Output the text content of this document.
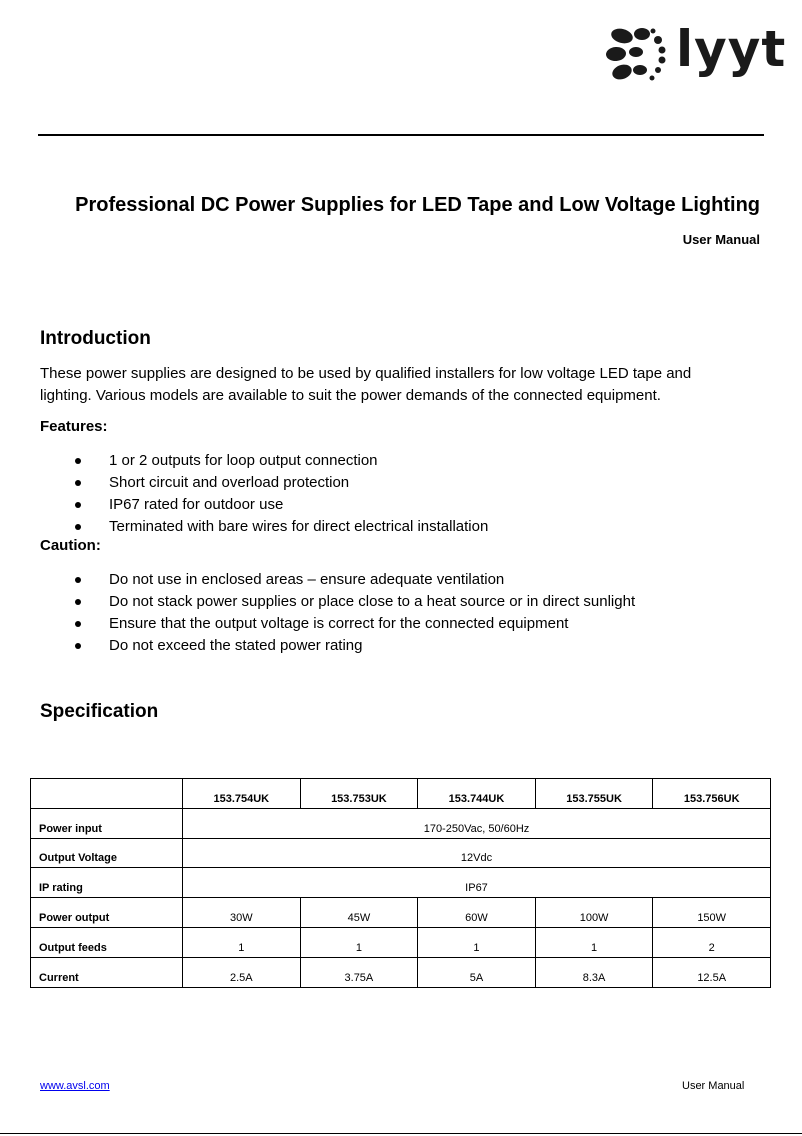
lyyt
Professional DC Power Supplies for LED Tape and Low Voltage Lighting
User Manual
Introduction
These power supplies are designed to be used by qualified installers for low voltage LED tape and
lighting. Various models are available to suit the power demands of the connected equipment.
Features:
1 or 2 outputs for loop output connection
Short circuit and overload protection
IP67 rated for outdoor use
Terminated with bare wires for direct electrical installation
Caution:
Do not use in enclosed areas – ensure adequate ventilation
Do not stack power supplies or place close to a heat source or in direct sunlight
Ensure that the output voltage is correct for the connected equipment
Do not exceed the stated power rating
Specification
	153.754UK	153.753UK	153.744UK	153.755UK	153.756UK
Power input	170-250Vac, 50/60Hz				
Output Voltage	12Vdc				
IP rating	IP67				
Power output	30W	45W	60W	100W	150W
Output feeds	1	1	1	1	2
Current	2.5A	3.75A	5A	8.3A	12.5A
www.avsl.com	User Manual
